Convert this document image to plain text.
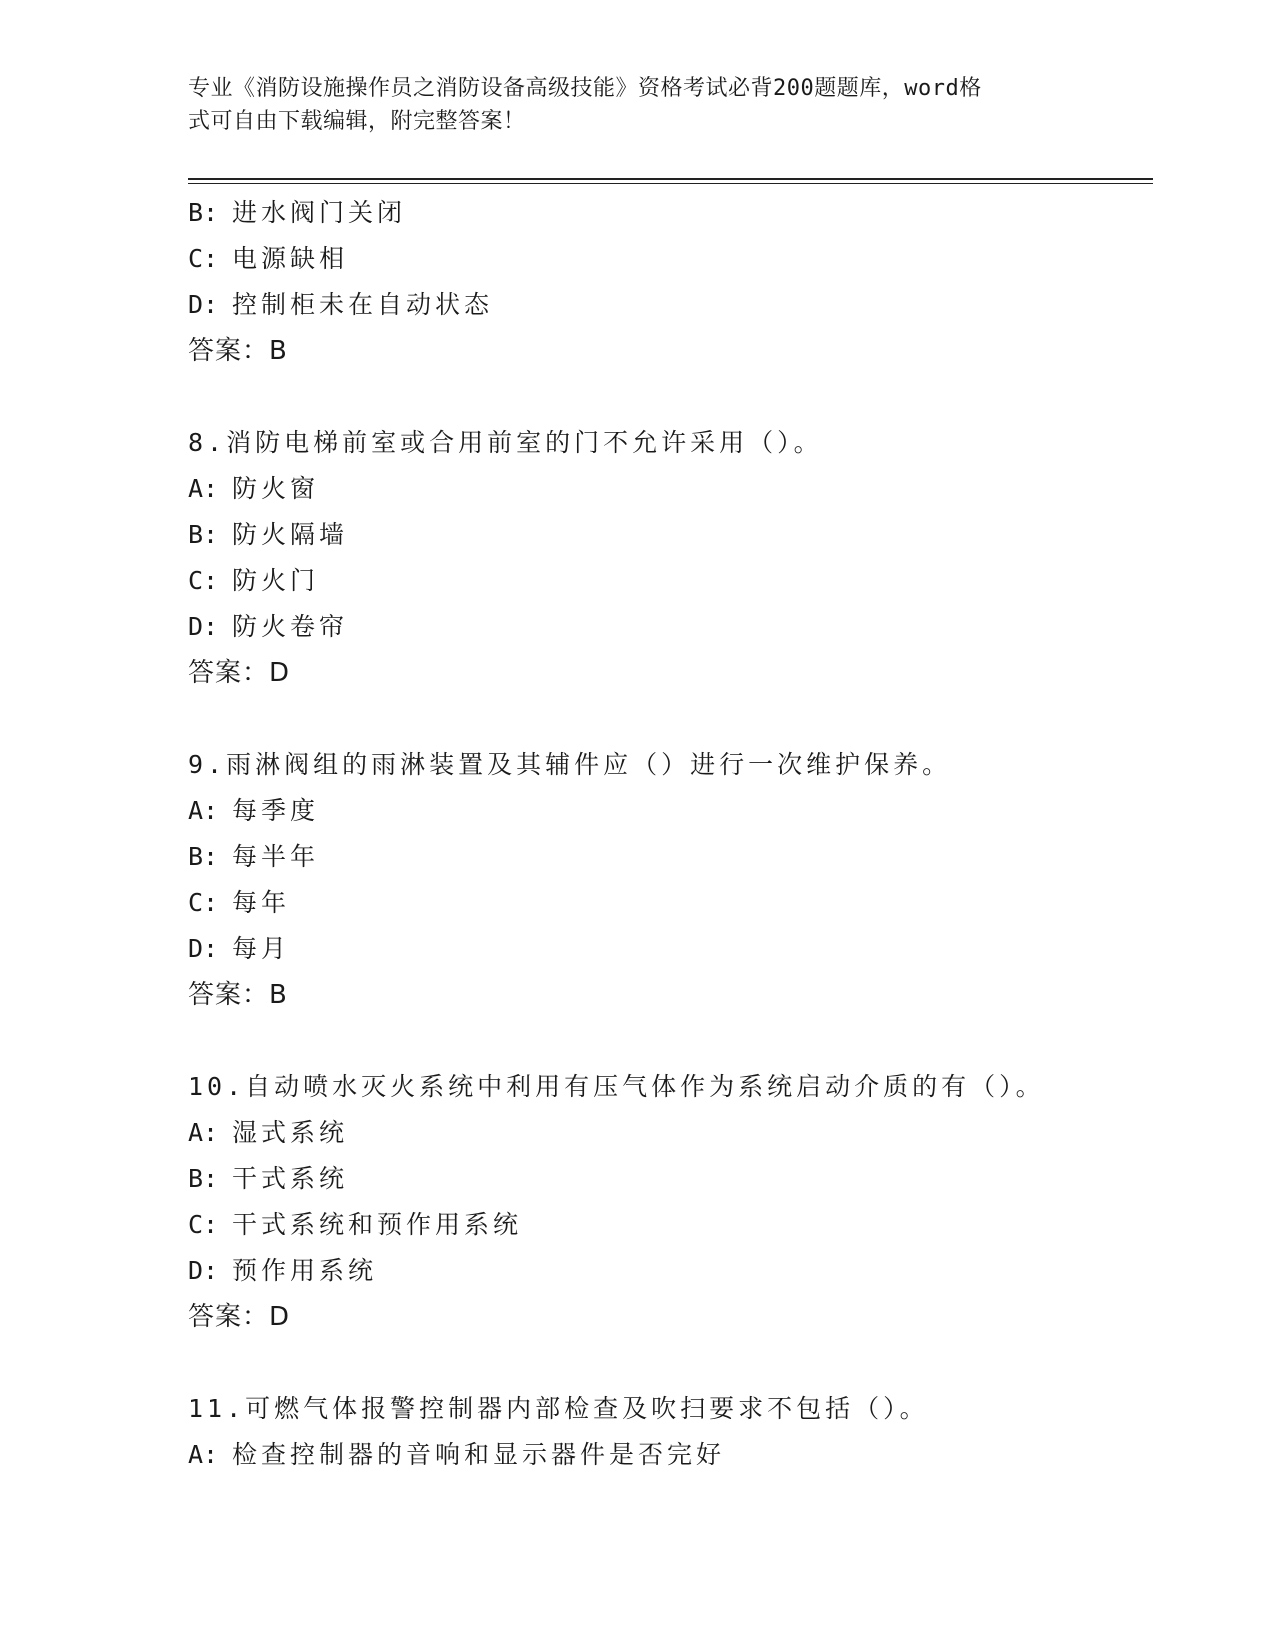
专业《消防设施操作员之消防设备高级技能》资格考试必背200题题库，word格
式可自由下载编辑，附完整答案！
B: 进水阀门关闭
C: 电源缺相
D: 控制柜未在自动状态
答案：B
8.消防电梯前室或合用前室的门不允许采用（）。
A: 防火窗
B: 防火隔墙
C: 防火门
D: 防火卷帘
答案：D
9.雨淋阀组的雨淋装置及其辅件应（）进行一次维护保养。
A: 每季度
B: 每半年
C: 每年
D: 每月
答案：B
10.自动喷水灭火系统中利用有压气体作为系统启动介质的有（）。
A: 湿式系统
B: 干式系统
C: 干式系统和预作用系统
D: 预作用系统
答案：D
11.可燃气体报警控制器内部检查及吹扫要求不包括（）。
A: 检查控制器的音响和显示器件是否完好
